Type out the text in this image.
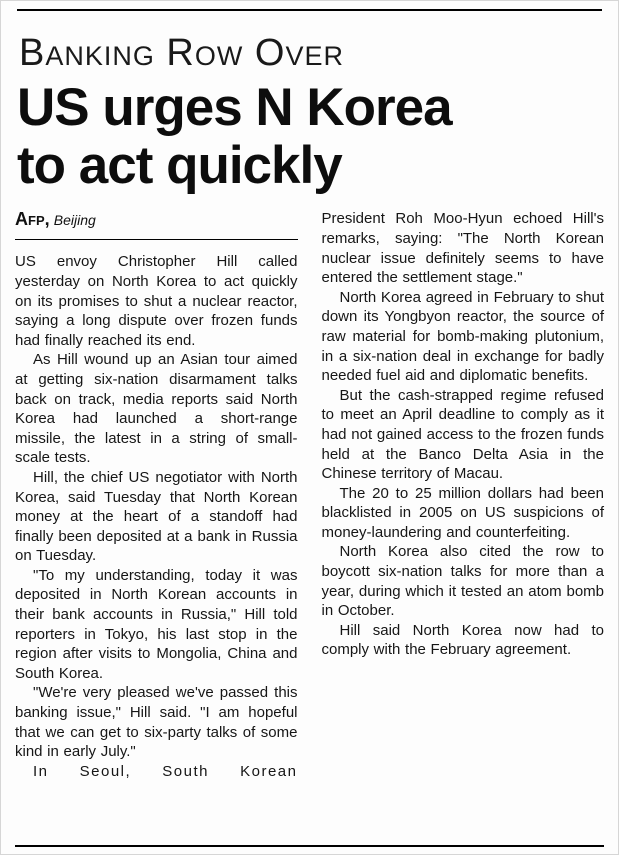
Banking Row Over
US urges N Korea
to act quickly
Afp, Beijing

US envoy Christopher Hill called yesterday on North Korea to act quickly on its promises to shut a nuclear reactor, saying a long dispute over frozen funds had finally reached its end.

As Hill wound up an Asian tour aimed at getting six-nation disarmament talks back on track, media reports said North Korea had launched a short-range missile, the latest in a string of small-scale tests.

Hill, the chief US negotiator with North Korea, said Tuesday that North Korean money at the heart of a standoff had finally been deposited at a bank in Russia on Tuesday.

"To my understanding, today it was deposited in North Korean accounts in their bank accounts in Russia," Hill told reporters in Tokyo, his last stop in the region after visits to Mongolia, China and South Korea.

"We're very pleased we've passed this banking issue," Hill said. "I am hopeful that we can get to six-party talks of some kind in early July."

In Seoul, South Korean

President Roh Moo-Hyun echoed Hill's remarks, saying: "The North Korean nuclear issue definitely seems to have entered the settlement stage."

North Korea agreed in February to shut down its Yongbyon reactor, the source of raw material for bomb-making plutonium, in a six-nation deal in exchange for badly needed fuel aid and diplomatic benefits.

But the cash-strapped regime refused to meet an April deadline to comply as it had not gained access to the frozen funds held at the Banco Delta Asia in the Chinese territory of Macau.

The 20 to 25 million dollars had been blacklisted in 2005 on US suspicions of money-laundering and counterfeiting.

North Korea also cited the row to boycott six-nation talks for more than a year, during which it tested an atom bomb in October.

Hill said North Korea now had to comply with the February agreement.
